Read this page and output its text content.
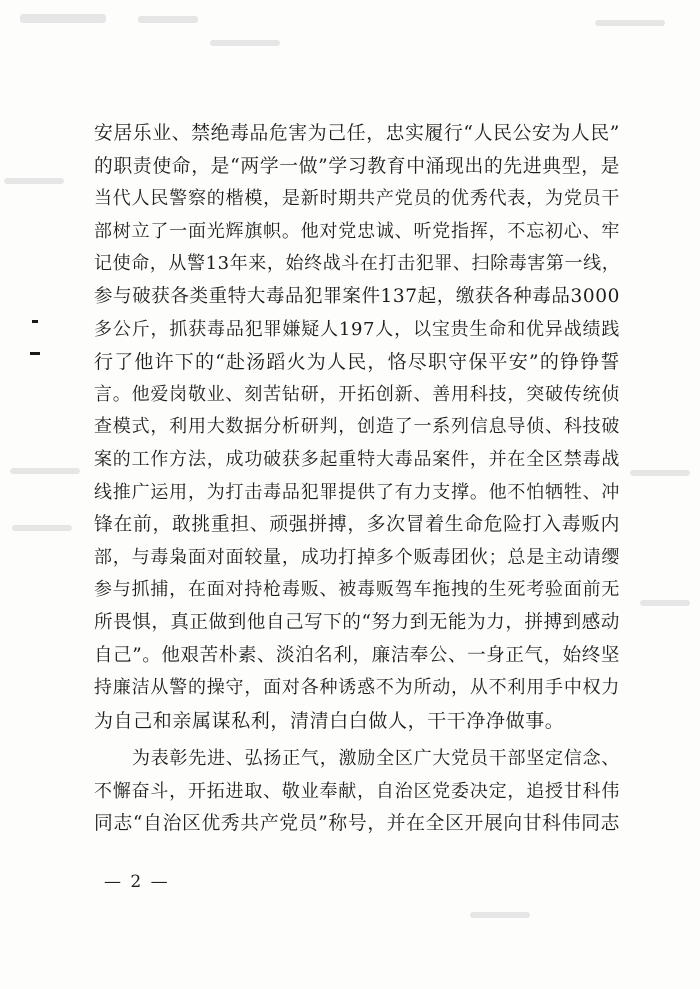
安居乐业、禁绝毒品危害为己任，忠实履行“人民公安为人民”
的职责使命，是“两学一做”学习教育中涌现出的先进典型，是
当代人民警察的楷模，是新时期共产党员的优秀代表，为党员干
部树立了一面光辉旗帜。他对党忠诚、听党指挥，不忘初心、牢
记使命，从警13年来，始终战斗在打击犯罪、扫除毒害第一线，
参与破获各类重特大毒品犯罪案件137起，缴获各种毒品3000
多公斤，抓获毒品犯罪嫌疑人197人，以宝贵生命和优异战绩践
行了他许下的“赴汤蹈火为人民，恪尽职守保平安”的铮铮誓
言。他爱岗敬业、刻苦钻研，开拓创新、善用科技，突破传统侦
查模式，利用大数据分析研判，创造了一系列信息导侦、科技破
案的工作方法，成功破获多起重特大毒品案件，并在全区禁毒战
线推广运用，为打击毒品犯罪提供了有力支撑。他不怕牺牲、冲
锋在前，敢挑重担、顽强拼搏，多次冒着生命危险打入毒贩内
部，与毒枭面对面较量，成功打掉多个贩毒团伙；总是主动请缨
参与抓捕，在面对持枪毒贩、被毒贩驾车拖拽的生死考验面前无
所畏惧，真正做到他自己写下的“努力到无能为力，拼搏到感动
自己”。他艰苦朴素、淡泊名利，廉洁奉公、一身正气，始终坚
持廉洁从警的操守，面对各种诱惑不为所动，从不利用手中权力
为自己和亲属谋私利，清清白白做人，干干净净做事。
为表彰先进、弘扬正气，激励全区广大党员干部坚定信念、
不懈奋斗，开拓进取、敬业奉献，自治区党委决定，追授甘科伟
同志“自治区优秀共产党员”称号，并在全区开展向甘科伟同志
— 2 —
